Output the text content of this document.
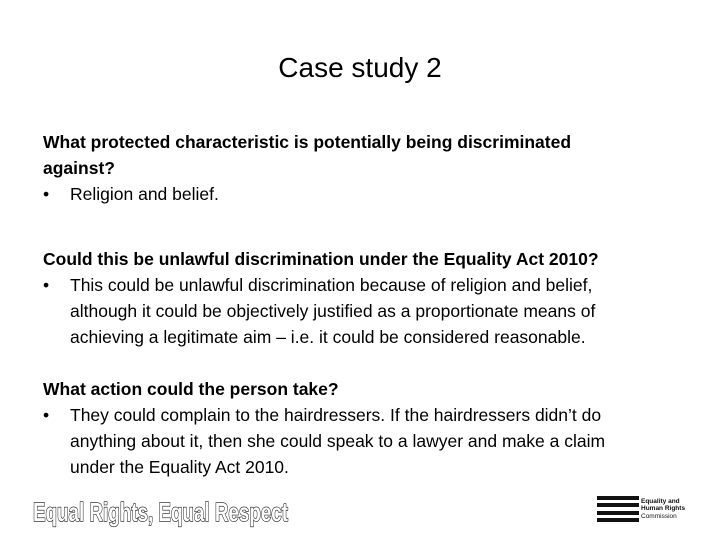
Case study 2
What protected characteristic is potentially being discriminated
against?
• Religion and belief.
Could this be unlawful discrimination under the Equality Act 2010?
• This could be unlawful discrimination because of religion and belief,
although it could be objectively justified as a proportionate means of
achieving a legitimate aim – i.e. it could be considered reasonable.
What action could the person take?
• They could complain to the hairdressers. If the hairdressers didn’t do
anything about it, then she could speak to a lawyer and make a claim
under the Equality Act 2010.
Equal Rights, Equal Respect	Equality and
Human Rights
Commission
